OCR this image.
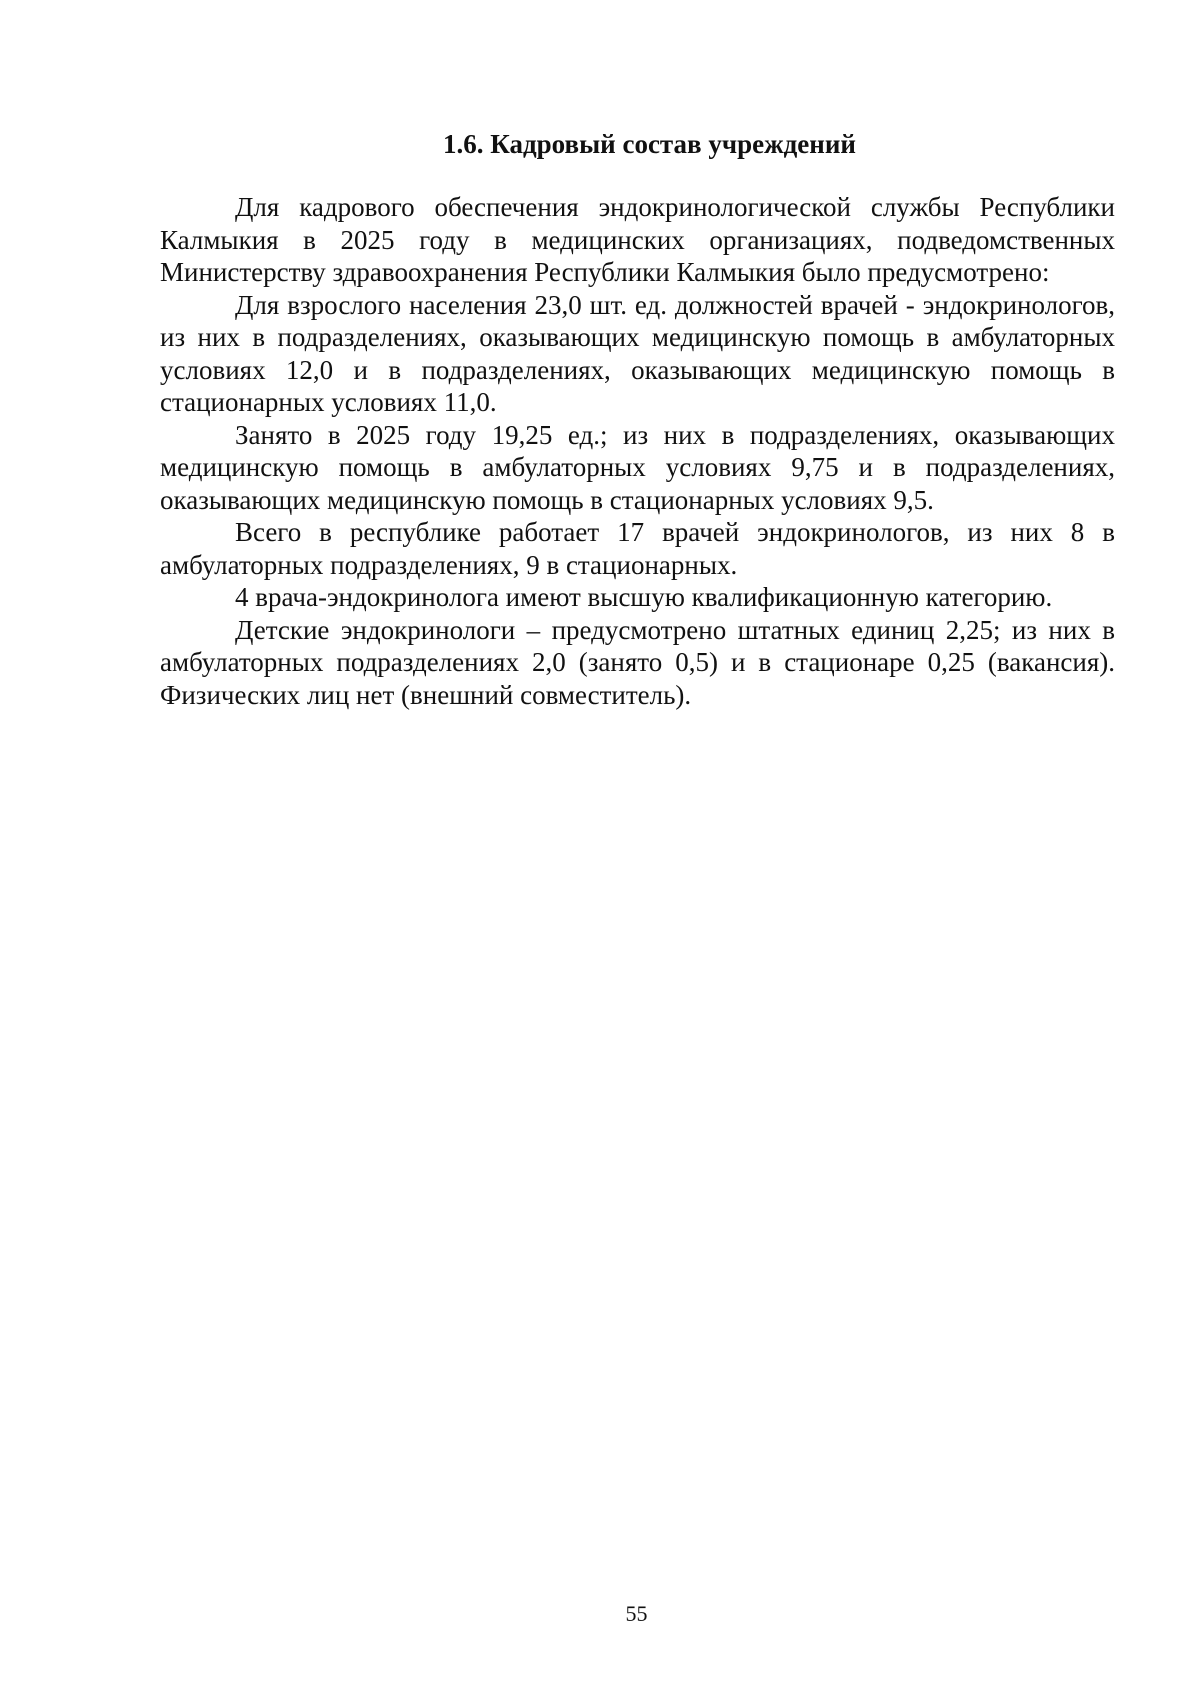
1.6. Кадровый состав учреждений

Для кадрового обеспечения эндокринологической службы Республики Калмыкия в 2025 году в медицинских организациях, подведомственных Министерству здравоохранения Республики Калмыкия было предусмотрено:

Для взрослого населения 23,0 шт. ед. должностей врачей - эндокринологов, из них в подразделениях, оказывающих медицинскую помощь в амбулаторных условиях 12,0 и в подразделениях, оказывающих медицинскую помощь в стационарных условиях 11,0.

Занято в 2025 году 19,25 ед.; из них в подразделениях, оказывающих медицинскую помощь в амбулаторных условиях 9,75 и в подразделениях, оказывающих медицинскую помощь в стационарных условиях 9,5.

Всего в республике работает 17 врачей эндокринологов, из них 8 в амбулаторных подразделениях, 9 в стационарных.

4 врача-эндокринолога имеют высшую квалификационную категорию.

Детские эндокринологи – предусмотрено штатных единиц 2,25; из них в амбулаторных подразделениях 2,0 (занято 0,5) и в стационаре 0,25 (вакансия). Физических лиц нет (внешний совместитель).

55
